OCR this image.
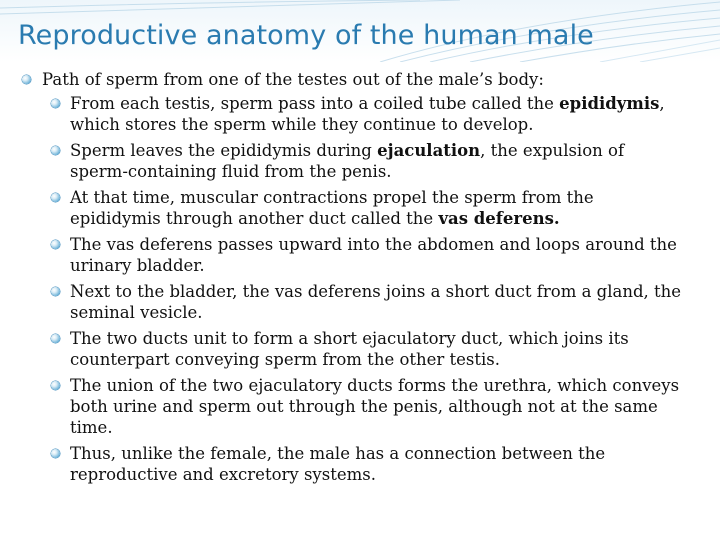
Reproductive anatomy of the human male
Path of sperm from one of the testes out of the male’s body:
From each testis, sperm pass into a coiled tube called the epididymis, which stores the sperm while they continue to develop.
Sperm leaves the epididymis during ejaculation, the expulsion of sperm-containing fluid from the penis.
At that time, muscular contractions propel the sperm from the epididymis through another duct called the vas deferens.
The vas deferens passes upward into the abdomen and loops around the urinary bladder.
Next to the bladder, the vas deferens joins a short duct from a gland, the seminal vesicle.
The two ducts unit to form a short ejaculatory duct, which joins its counterpart conveying sperm from the other testis.
The union of the two ejaculatory ducts forms the urethra, which conveys both urine and sperm out through the penis, although not at the same time.
Thus, unlike the female, the male has a connection between the reproductive and excretory systems.
